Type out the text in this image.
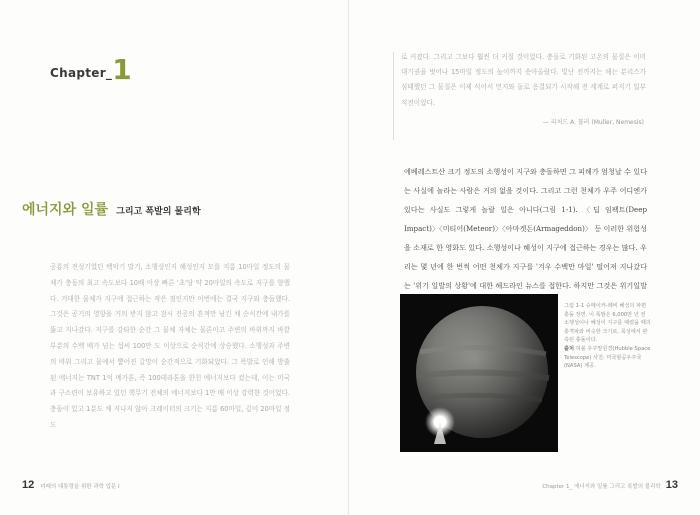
Chapter_ 1
에너지와 일률 그리고 폭발의 물리학

공룡의 전성기였던 백악기 말기, 소행성인지 혜성인지 모를 지름 10마일 정도의 물체가 충돌의 최고 속도보다 10배 이상 빠른 '초'당 약 20마일의 속도로 지구를 향했다. 거대한 물체가 지구에 접근하는 작은 점인지만 이번에는 결국 지구와 충돌했다. 그것은 공기의 영향을 거의 받지 않고 잠시 진공의 흔적만 남긴 채 순식간에 내가를 뚫고 지나갔다. 지구를 강타한 순간 그 물체 자체는 물론이고 주변의 바위까지 바깥 부분의 수백 배가 넘는 섭씨 100만 도 이상으로 순식간에 상승했다. 소행성과 주변의 바위 그리고 물에서 뿜어진 갈망이 순간적으로 기화되었다. 그 폭발로 인해 방출된 에너지는 TNT 1억 메가톤, 즉 100테라톤을 한친 에너지보다 컸는데, 이는 미국과 구소련이 보유하고 있던 핵무기 전체의 에너지보다 1만 배 이상 강력한 것이었다. 충돌이 있고 1분도 채 지나지 않아 크레이터의 크기는 지름 60마일, 깊이 20마일 정도

12 미래의 대통령을 위한 과학 입문 I

로 커졌다. 그리고 그보다 훨씬 더 커질 것이었다. 충돌로 기화된 고온의 물질은 이미 대기권을 벗어나 15마일 정도의 높이까지 솟아올랐다. 빛난 전까지는 해는 분리스가 심태했던 그 물질은 이제 식어서 먼지와 돌로 응결되기 시작해 전 세계로 퍼지기 일부 직전이었다.

— 리처드 A. 뮬러 (Muller, Nemesis)

에베레스트산 크기 정도의 소행성이 지구와 충돌하면 그 피해가 엄청날 수 있다는 사실에 놀라는 사람은 거의 없을 것이다. 그리고 그런 천체가 우주 어디엔가 있다는 사실도 그렇게 놀랄 일은 아니다(그림 1-1). 〈딥 임팩트(Deep Impact)〉〈미티어(Meteor)〉〈아마겟돈(Armageddon)〉 등 이러한 위험성을 소재로 한 영화도 있다. 소행성이나 혜성이 지구에 접근하는 경우는 많다. 우리는 몇 년에 한 번씩 어떤 천체가 지구를 '겨우 수백만 마일' 떨어져 지나갔다는 '위기 일발의 상황'에 대한 헤드라인 뉴스를 접한다. 하지만 그것은 위기일발

그림 1-1 슈메이커-레비 혜성의 파편 충돌 장면. 이 폭발은 6,000만 년 전 소행성이나 혜성이 지구를 때렸을 때의 충격파와 비슷한 크기로, 목성에서 관측된 충돌이다.

출처 허블 우주망원경(Hubble Space Telescope) 사진. 미국항공우주국(NASA) 제공.

Chapter 1_ 에너지와 일률 그리고 폭발의 물리학 13
